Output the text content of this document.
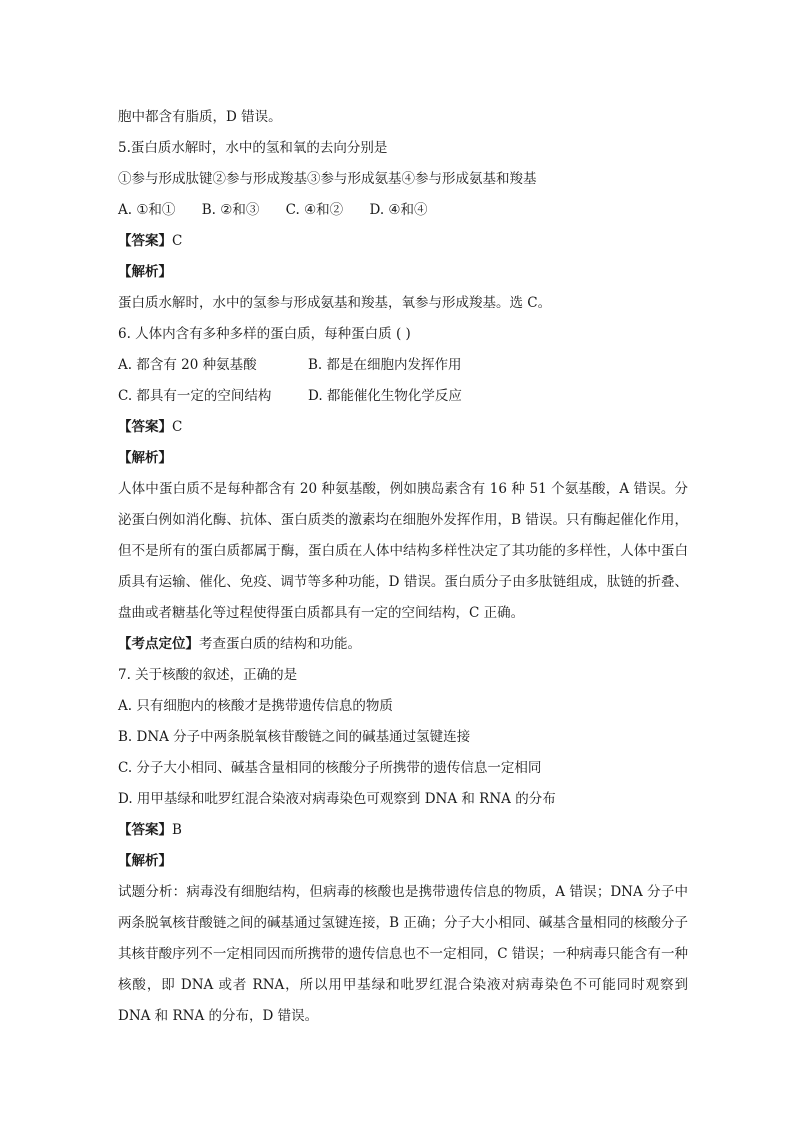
胞中都含有脂质，D 错误。
5.蛋白质水解时，水中的氢和氧的去向分别是
①参与形成肽键②参与形成羧基③参与形成氨基④参与形成氨基和羧基
A. ①和① B. ②和③ C. ④和② D. ④和④
【答案】C
【解析】
蛋白质水解时，水中的氢参与形成氨基和羧基，氧参与形成羧基。选 C。
6. 人体内含有多种多样的蛋白质，每种蛋白质 ( )
A. 都含有 20 种氨基酸	B. 都是在细胞内发挥作用
C. 都具有一定的空间结构	D. 都能催化生物化学反应
【答案】C
【解析】
人体中蛋白质不是每种都含有 20 种氨基酸，例如胰岛素含有 16 种 51 个氨基酸，A 错误。分泌蛋白例如消化酶、抗体、蛋白质类的激素均在细胞外发挥作用，B 错误。只有酶起催化作用，但不是所有的蛋白质都属于酶，蛋白质在人体中结构多样性决定了其功能的多样性，人体中蛋白质具有运输、催化、免疫、调节等多种功能，D 错误。蛋白质分子由多肽链组成，肽链的折叠、盘曲或者糖基化等过程使得蛋白质都具有一定的空间结构，C 正确。
【考点定位】考查蛋白质的结构和功能。
7. 关于核酸的叙述，正确的是
A. 只有细胞内的核酸才是携带遗传信息的物质
B. DNA 分子中两条脱氧核苷酸链之间的碱基通过氢键连接
C. 分子大小相同、碱基含量相同的核酸分子所携带的遗传信息一定相同
D. 用甲基绿和吡罗红混合染液对病毒染色可观察到 DNA 和 RNA 的分布
【答案】B
【解析】
试题分析：病毒没有细胞结构，但病毒的核酸也是携带遗传信息的物质，A 错误；DNA 分子中两条脱氧核苷酸链之间的碱基通过氢键连接，B 正确；分子大小相同、碱基含量相同的核酸分子其核苷酸序列不一定相同因而所携带的遗传信息也不一定相同，C 错误；一种病毒只能含有一种核酸，即 DNA 或者 RNA，所以用甲基绿和吡罗红混合染液对病毒染色不可能同时观察到 DNA 和 RNA 的分布，D 错误。
